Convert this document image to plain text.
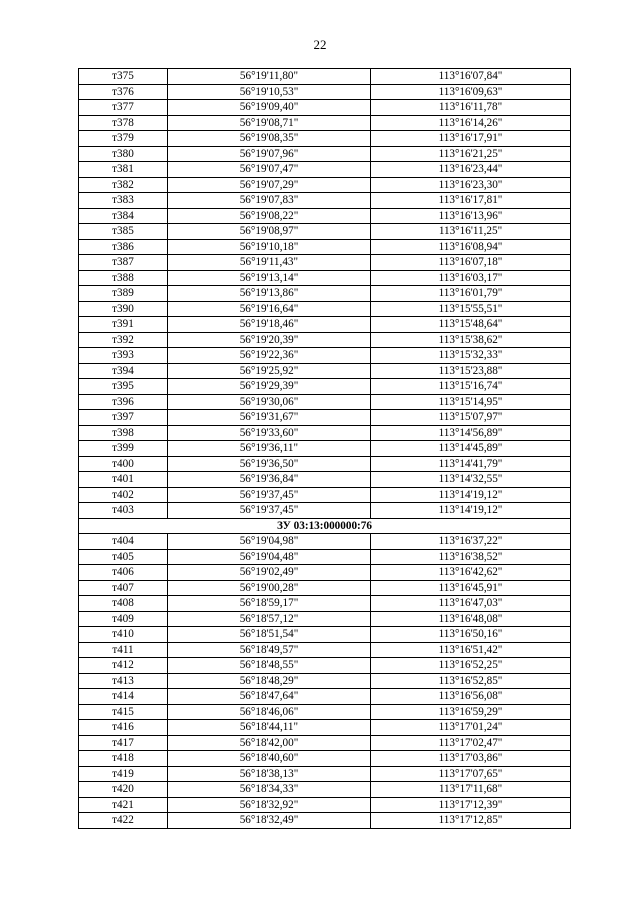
22
т375	56°19'11,80"	113°16'07,84"
т376	56°19'10,53"	113°16'09,63"
т377	56°19'09,40"	113°16'11,78"
т378	56°19'08,71"	113°16'14,26"
т379	56°19'08,35"	113°16'17,91"
т380	56°19'07,96"	113°16'21,25"
т381	56°19'07,47"	113°16'23,44"
т382	56°19'07,29"	113°16'23,30"
т383	56°19'07,83"	113°16'17,81"
т384	56°19'08,22"	113°16'13,96"
т385	56°19'08,97"	113°16'11,25"
т386	56°19'10,18"	113°16'08,94"
т387	56°19'11,43"	113°16'07,18"
т388	56°19'13,14"	113°16'03,17"
т389	56°19'13,86"	113°16'01,79"
т390	56°19'16,64"	113°15'55,51"
т391	56°19'18,46"	113°15'48,64"
т392	56°19'20,39"	113°15'38,62"
т393	56°19'22,36"	113°15'32,33"
т394	56°19'25,92"	113°15'23,88"
т395	56°19'29,39"	113°15'16,74"
т396	56°19'30,06"	113°15'14,95"
т397	56°19'31,67"	113°15'07,97"
т398	56°19'33,60"	113°14'56,89"
т399	56°19'36,11"	113°14'45,89"
т400	56°19'36,50"	113°14'41,79"
т401	56°19'36,84"	113°14'32,55"
т402	56°19'37,45"	113°14'19,12"
т403	56°19'37,45"	113°14'19,12"
ЗУ 03:13:000000:76		
т404	56°19'04,98"	113°16'37,22"
т405	56°19'04,48"	113°16'38,52"
т406	56°19'02,49"	113°16'42,62"
т407	56°19'00,28"	113°16'45,91"
т408	56°18'59,17"	113°16'47,03"
т409	56°18'57,12"	113°16'48,08"
т410	56°18'51,54"	113°16'50,16"
т411	56°18'49,57"	113°16'51,42"
т412	56°18'48,55"	113°16'52,25"
т413	56°18'48,29"	113°16'52,85"
т414	56°18'47,64"	113°16'56,08"
т415	56°18'46,06"	113°16'59,29"
т416	56°18'44,11"	113°17'01,24"
т417	56°18'42,00"	113°17'02,47"
т418	56°18'40,60"	113°17'03,86"
т419	56°18'38,13"	113°17'07,65"
т420	56°18'34,33"	113°17'11,68"
т421	56°18'32,92"	113°17'12,39"
т422	56°18'32,49"	113°17'12,85"
